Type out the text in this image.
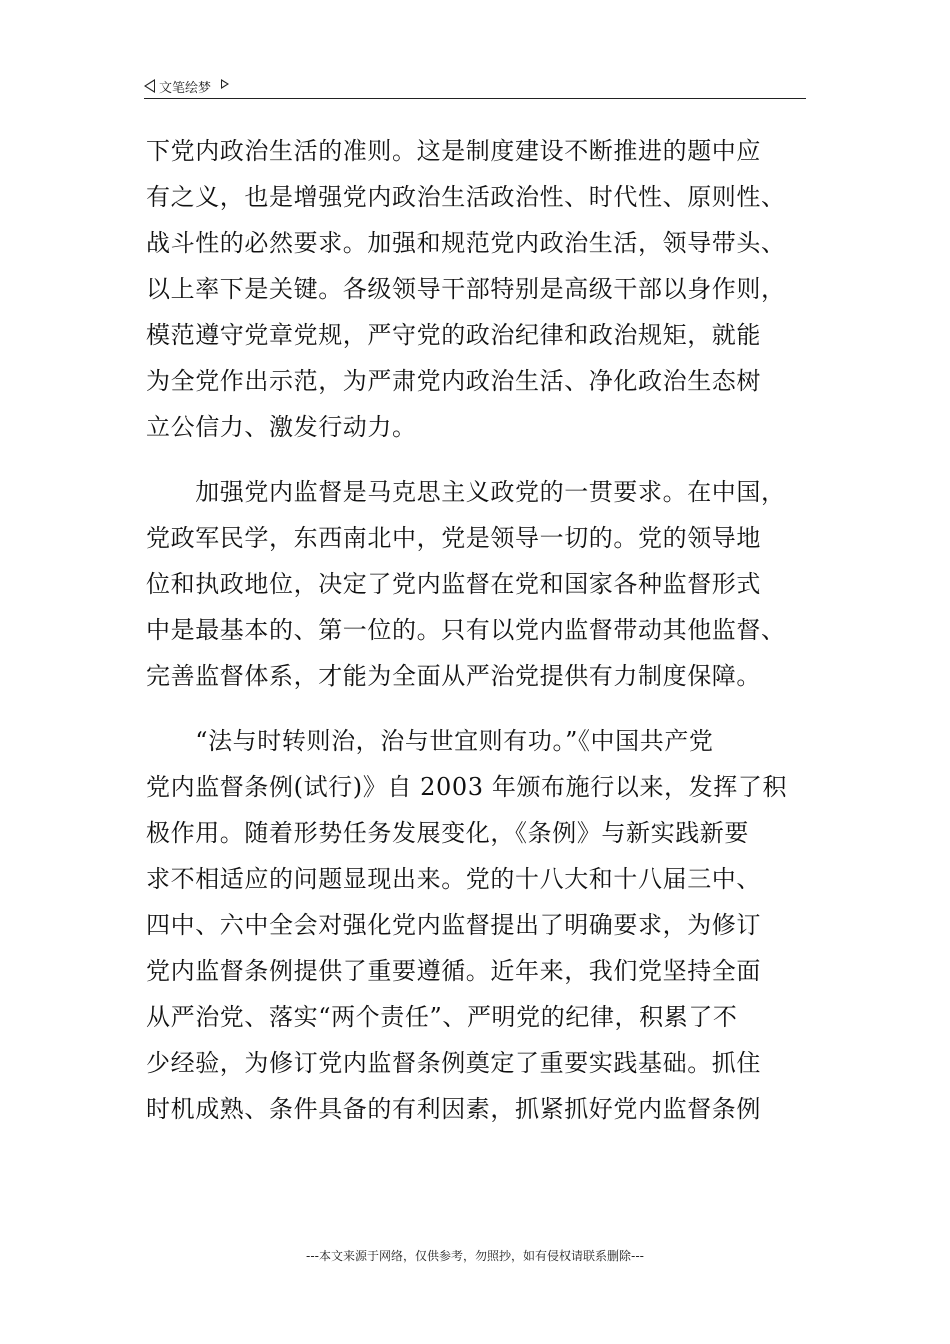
文笔绘梦

下党内政治生活的准则。这是制度建设不断推进的题中应
有之义，也是增强党内政治生活政治性、时代性、原则性、
战斗性的必然要求。加强和规范党内政治生活，领导带头、
以上率下是关键。各级领导干部特别是高级干部以身作则，
模范遵守党章党规，严守党的政治纪律和政治规矩，就能
为全党作出示范，为严肃党内政治生活、净化政治生态树
立公信力、激发行动力。

　　加强党内监督是马克思主义政党的一贯要求。在中国，
党政军民学，东西南北中，党是领导一切的。党的领导地
位和执政地位，决定了党内监督在党和国家各种监督形式
中是最基本的、第一位的。只有以党内监督带动其他监督、
完善监督体系，才能为全面从严治党提供有力制度保障。

　　“法与时转则治，治与世宜则有功。”《中国共产党
党内监督条例(试行)》自 2003 年颁布施行以来，发挥了积
极作用。随着形势任务发展变化，《条例》与新实践新要
求不相适应的问题显现出来。党的十八大和十八届三中、
四中、六中全会对强化党内监督提出了明确要求，为修订
党内监督条例提供了重要遵循。近年来，我们党坚持全面
从严治党、落实“两个责任”、严明党的纪律，积累了不
少经验，为修订党内监督条例奠定了重要实践基础。抓住
时机成熟、条件具备的有利因素，抓紧抓好党内监督条例

---本文来源于网络，仅供参考，勿照抄，如有侵权请联系删除---
